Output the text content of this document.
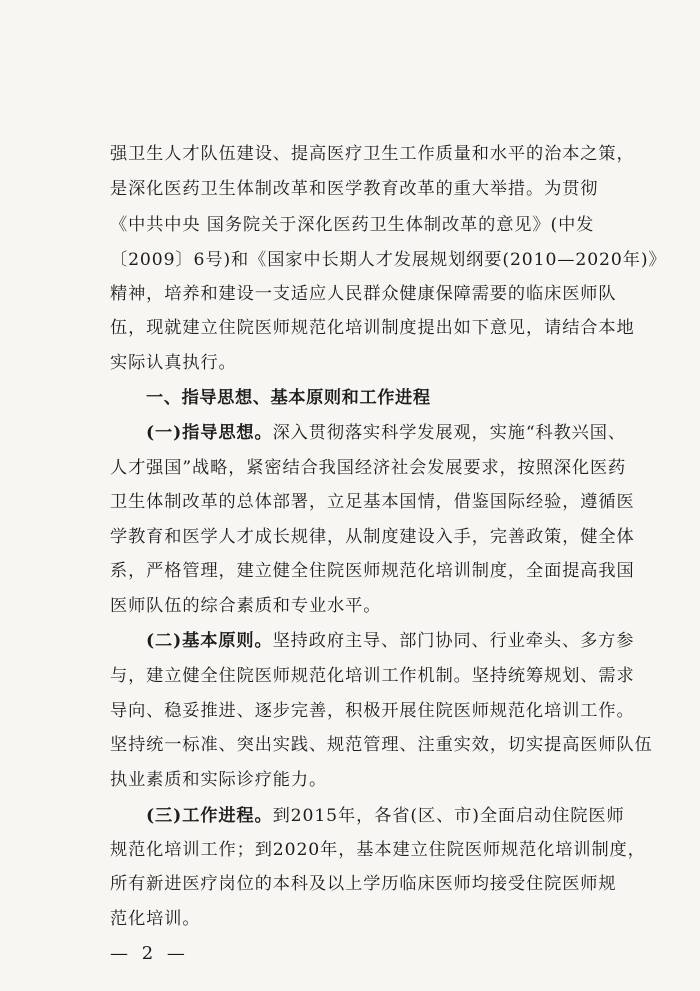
强卫生人才队伍建设、提高医疗卫生工作质量和水平的治本之策，
是深化医药卫生体制改革和医学教育改革的重大举措。为贯彻
《中共中央 国务院关于深化医药卫生体制改革的意见》(中发
〔2009〕6号)和《国家中长期人才发展规划纲要(2010—2020年)》
精神，培养和建设一支适应人民群众健康保障需要的临床医师队
伍，现就建立住院医师规范化培训制度提出如下意见，请结合本地
实际认真执行。
一、指导思想、基本原则和工作进程
(一)指导思想。深入贯彻落实科学发展观，实施“科教兴国、
人才强国”战略，紧密结合我国经济社会发展要求，按照深化医药
卫生体制改革的总体部署，立足基本国情，借鉴国际经验，遵循医
学教育和医学人才成长规律，从制度建设入手，完善政策，健全体
系，严格管理，建立健全住院医师规范化培训制度，全面提高我国
医师队伍的综合素质和专业水平。
(二)基本原则。坚持政府主导、部门协同、行业牵头、多方参
与，建立健全住院医师规范化培训工作机制。坚持统筹规划、需求
导向、稳妥推进、逐步完善，积极开展住院医师规范化培训工作。
坚持统一标准、突出实践、规范管理、注重实效，切实提高医师队伍
执业素质和实际诊疗能力。
(三)工作进程。到2015年，各省(区、市)全面启动住院医师
规范化培训工作；到2020年，基本建立住院医师规范化培训制度，
所有新进医疗岗位的本科及以上学历临床医师均接受住院医师规
范化培训。
— 2 —
